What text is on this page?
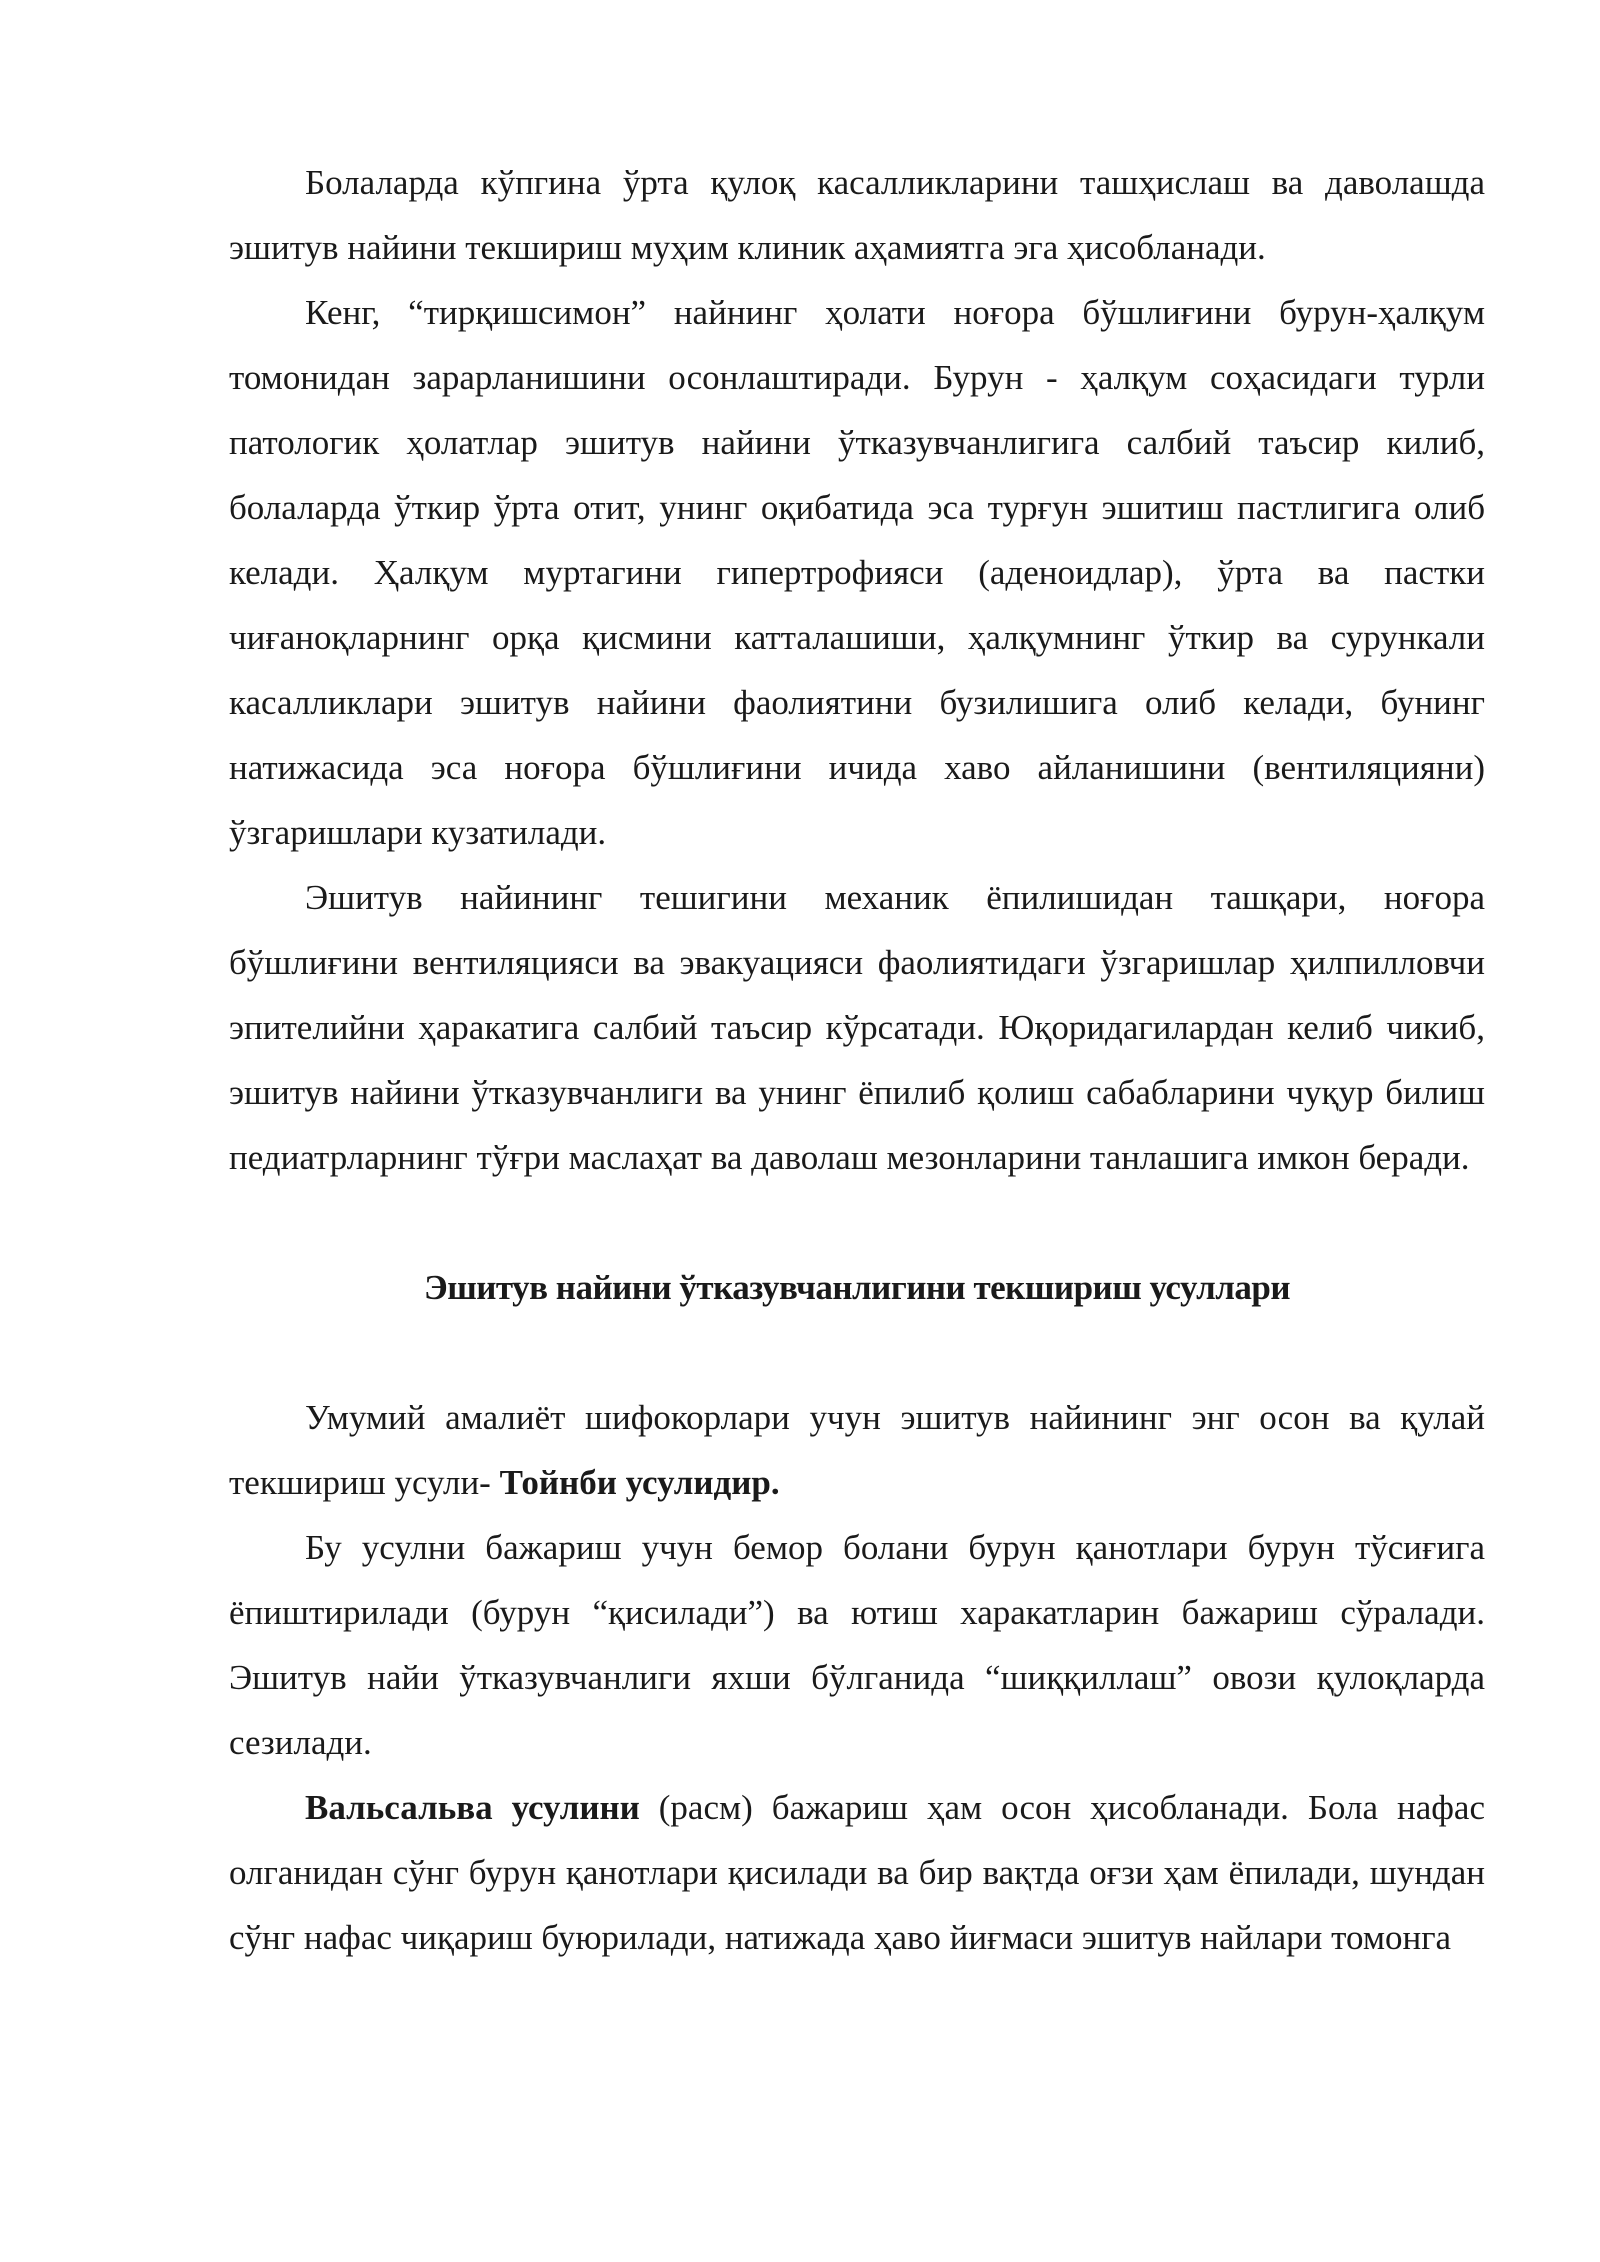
Болаларда кўпгина ўрта қулоқ касалликларини ташҳислаш ва даволашда эшитув найини текшириш муҳим клиник аҳамиятга эга ҳисобланади.

Кенг, “тирқишсимон” найнинг ҳолати ноғора бўшлиғини бурун-ҳалқум томонидан зарарланишини осонлаштиради. Бурун - ҳалқум соҳасидаги турли патологик ҳолатлар эшитув найини ўтказувчанлигига салбий таъсир килиб, болаларда ўткир ўрта отит, унинг оқибатида эса турғун эшитиш пастлигига олиб келади. Ҳалқум муртагини гипертрофияси (аденоидлар), ўрта ва пастки чиғаноқларнинг орқа қисмини катталашиши, ҳалқумнинг ўткир ва сурункали касалликлари эшитув найини фаолиятини бузилишига олиб келади, бунинг натижасида эса ноғора бўшлиғини ичида хаво айланишини (вентиляцияни) ўзгаришлари кузатилади.

Эшитув найининг тешигини механик ёпилишидан ташқари, ноғора бўшлиғини вентиляцияси ва эвакуацияси фаолиятидаги ўзгаришлар ҳилпилловчи эпителийни ҳаракатига салбий таъсир кўрсатади. Юқоридагилардан келиб чикиб, эшитув найини ўтказувчанлиги ва унинг ёпилиб қолиш сабабларини чуқур билиш педиатрларнинг тўғри маслаҳат ва даволаш мезонларини танлашига имкон беради.

Эшитув найини ўтказувчанлигини текшириш усуллари

Умумий амалиёт шифокорлари учун эшитув найининг энг осон ва қулай текшириш усули- Тойнби усулидир.

Бу усулни бажариш учун бемор болани бурун қанотлари бурун тўсиғига ёпиштирилади (бурун “қисилади”) ва ютиш харакатларин бажариш сўралади. Эшитув найи ўтказувчанлиги яхши бўлганида “шиққиллаш” овози қулоқларда сезилади.

Вальсальва усулини (расм) бажариш ҳам осон ҳисобланади. Бола нафас олганидан сўнг бурун қанотлари қисилади ва бир вақтда оғзи ҳам ёпилади, шундан сўнг нафас чиқариш буюрилади, натижада ҳаво йиғмаси эшитув найлари томонга
